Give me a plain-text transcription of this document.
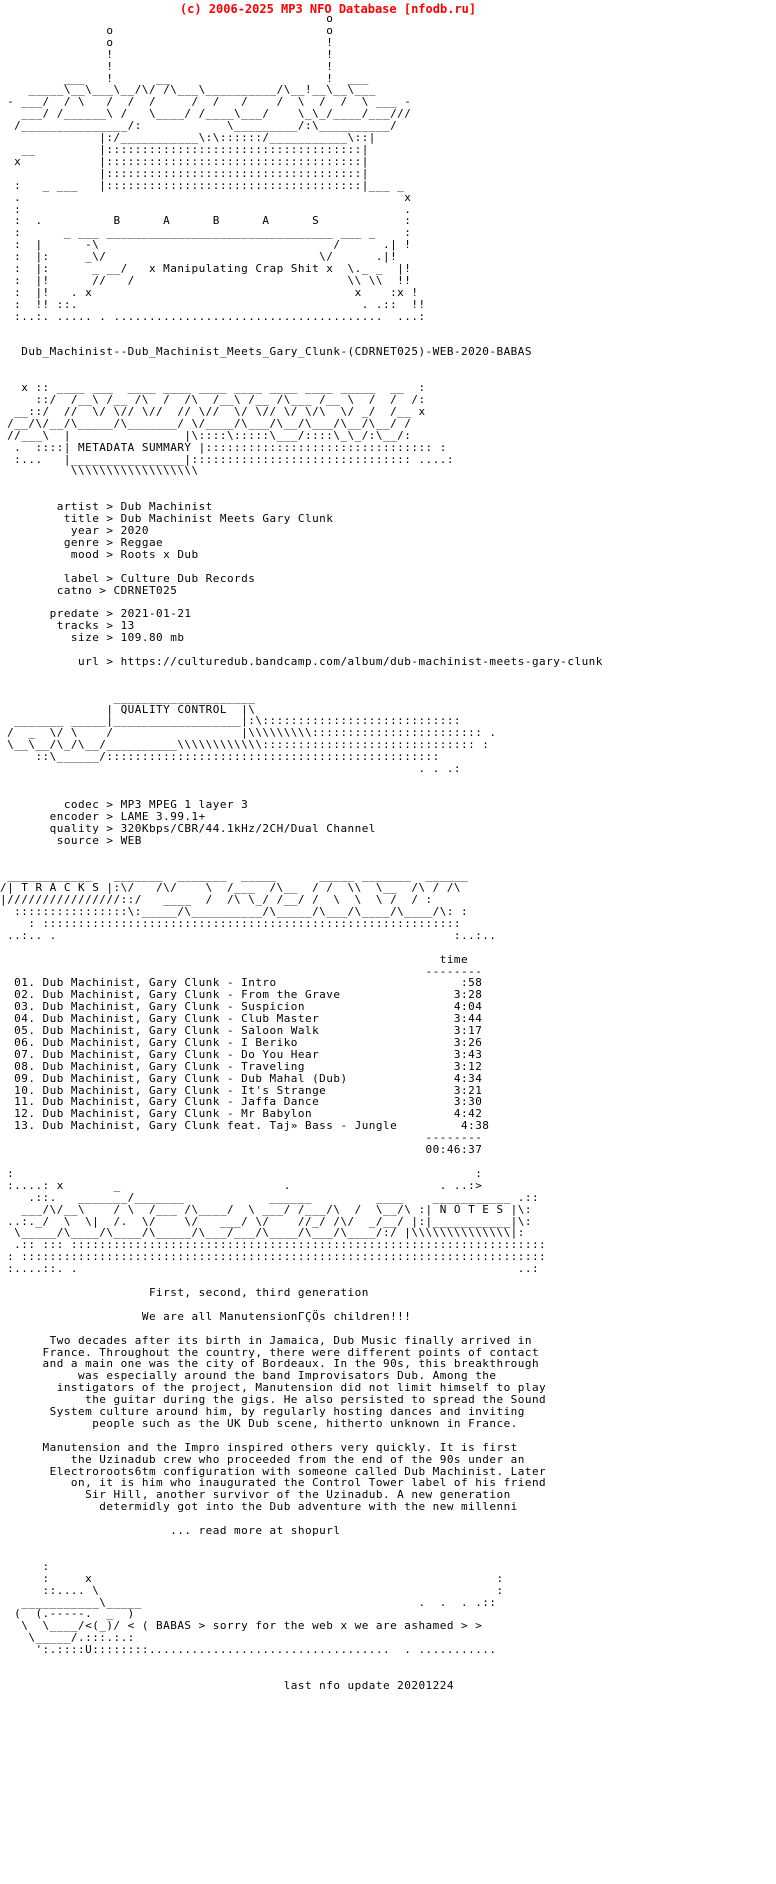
(c) 2006-2025 MP3 NFO Database [nfodb.ru]
o
o                              o
o                              !
!                              !
!                              !
___   !      __                      !  ___
_____\__\___\__/\/ /\___\__________/\__!__\__\___
- ___/  / \   /  /  /     /  /   /    /  \  /  /  \ ___ -
___/ /______\ /   \____/ /____\___/    \_\_/____/___///
/_______________/:            \_________/:\__________/
|:/___________\:\::::::/___________\::|
__         |::::::::::::::::::::::::::::::::::::|
x           |::::::::::::::::::::::::::::::::::::|
|::::::::::::::::::::::::::::::::::::|
:   _ ___   |::::::::::::::::::::::::::::::::::::|___ _
.                                                      x
:                                                      .
:  .          B      A      B      A      S            :
:      _ ___ ________________________________ ___ _    :
:  |      -\                                 /      .| !
:  |:     _\/                              \/      .|!
:  |:      _ __/   x Manipulating Crap Shit x  \._ _  |!
:  |!      //   /                              \\ \\  !!
:  |!   . x                                     x    :x !
:  !! ::.                                        . .::  !!
:..:. ..... . ......................................  ...:

Dub_Machinist--Dub_Machinist_Meets_Gary_Clunk-(CDRNET025)-WEB-2020-BABAS

x :: ____ ___  ____ ____ ____ ____ ____ ____ _____  __  :
::/  /__\ /__ /\  /  /\  /__\ /__ /\___ /__ \  /  /  /:
__::/  //  \/ \// \//  // \//  \/ \// \/ \/\  \/ _/  /__ x
/__/\/__/\_____/\_______/ \/____/\___/\__/\___/\__/\__/ /
//___\  |                |\::::\:::::\___/::::\_\_/:\__/:
.  ::::| METADATA SUMMARY |:::::::::::::::::::::::::::::::: :
:...   |________________|::::::::::::::::::::::::::::::: ....:
\\\\\\\\\\\\\\\\\\

artist > Dub Machinist
title > Dub Machinist Meets Gary Clunk
year > 2020
genre > Reggae
mood > Roots x Dub

label > Culture Dub Records
catno > CDRNET025

predate > 2021-01-21
tracks > 13
size > 109.80 mb

url > https://culturedub.bandcamp.com/album/dub-machinist-meets-gary-clunk

____________________
| QUALITY CONTROL  |\
_______ _____|__________________|:\::::::::::::::::::::::::::::
/  _  \/ \    /                  |\\\\\\\\\:::::::::::::::::::::::: .
\__\__/\_/\__/__________\\\\\\\\\\\\:::::::::::::::::::::::::::::: :
::\______/:::::::::::::::::::::::::::::::::::::::::::::::
. . .:

codec > MP3 MPEG 1 layer 3
encoder > LAME 3.99.1+
quality > 320Kbps/CBR/44.1kHz/2CH/Dual Channel
source > WEB

____________   _______  _______  _____      _____ _______  ______
/| T R A C K S |:\/   /\/    \  /___  /\__  / /  \\  \__  /\ / /\
|////////////////::/   ____  /  /\ \_/ /__/ /  \  \  \ /  / :
::::::::::::::::\:_____/\__________/\_____/\___/\____/\____/\: :
: :::::::::::::::::::::::::::::::::::::::::::::::::::::::::::
..:.. .                                                        :..:..

time
--------
01. Dub Machinist, Gary Clunk - Intro                          :58
02. Dub Machinist, Gary Clunk - From the Grave                3:28
03. Dub Machinist, Gary Clunk - Suspicion                     4:04
04. Dub Machinist, Gary Clunk - Club Master                   3:44
05. Dub Machinist, Gary Clunk - Saloon Walk                   3:17
06. Dub Machinist, Gary Clunk - I Beriko                      3:26
07. Dub Machinist, Gary Clunk - Do You Hear                   3:43
08. Dub Machinist, Gary Clunk - Traveling                     3:12
09. Dub Machinist, Gary Clunk - Dub Mahal (Dub)               4:34
10. Dub Machinist, Gary Clunk - It's Strange                  3:21
11. Dub Machinist, Gary Clunk - Jaffa Dance                   3:30
12. Dub Machinist, Gary Clunk - Mr Babylon                    4:42
13. Dub Machinist, Gary Clunk feat. Taj» Bass - Jungle         4:38
--------
00:46:37

:                                                                 :
:....: x       _                       .                     . ..:>
.::.   _______/_______            ______         ____    ___________ .::
___/\/__\    / \  /___ /\____/  \ ___/ /___/\  /  \__/\ :| N O T E S |\:
..:._/  \  \|  /.  \/    \/   ___/ \/    //_/ /\/  _/__/ |:|___________|\:
\_____/\____/\____/\_____/\___/___/\____/\___/\____/:/ |\\\\\\\\\\\\\\|:
.:: ::: :::::::::::::::::::::::::::::::::::::::::::::::::::::::::::::::::::
: ::::::::::::::::::::::::::::::::::::::::::::::::::::::::::::::::::::::::::
:....::. .                                                              ..:

First, second, third generation

We are all ManutensionΓÇÖs children!!!

Two decades after its birth in Jamaica, Dub Music finally arrived in
France. Throughout the country, there were different points of contact
and a main one was the city of Bordeaux. In the 90s, this breakthrough
was especially around the band Improvisators Dub. Among the
instigators of the project, Manutension did not limit himself to play
the guitar during the gigs. He also persisted to spread the Sound
System culture around him, by regularly hosting dances and inviting
people such as the UK Dub scene, hitherto unknown in France.

Manutension and the Impro inspired others very quickly. It is first
the Uzinadub crew who proceeded from the end of the 90s under an
Electroroots6tm configuration with someone called Dub Machinist. Later
on, it is him who inaugurated the Control Tower label of his friend
Sir Hill, another survivor of the Uzinadub. A new generation
determidly got into the Dub adventure with the new millenni

... read more at shopurl

:
:     x                                                         :
::.... \                                                        :
___________\_____                                       .  .  . .::
(  (.-----.  _  )
\  \____/<(_)/ < ( BABAS > sorry for the web x we are ashamed > >
\_____/.:::.:.:
':.::::U::::::::..................................  . ...........

last nfo update 20201224
